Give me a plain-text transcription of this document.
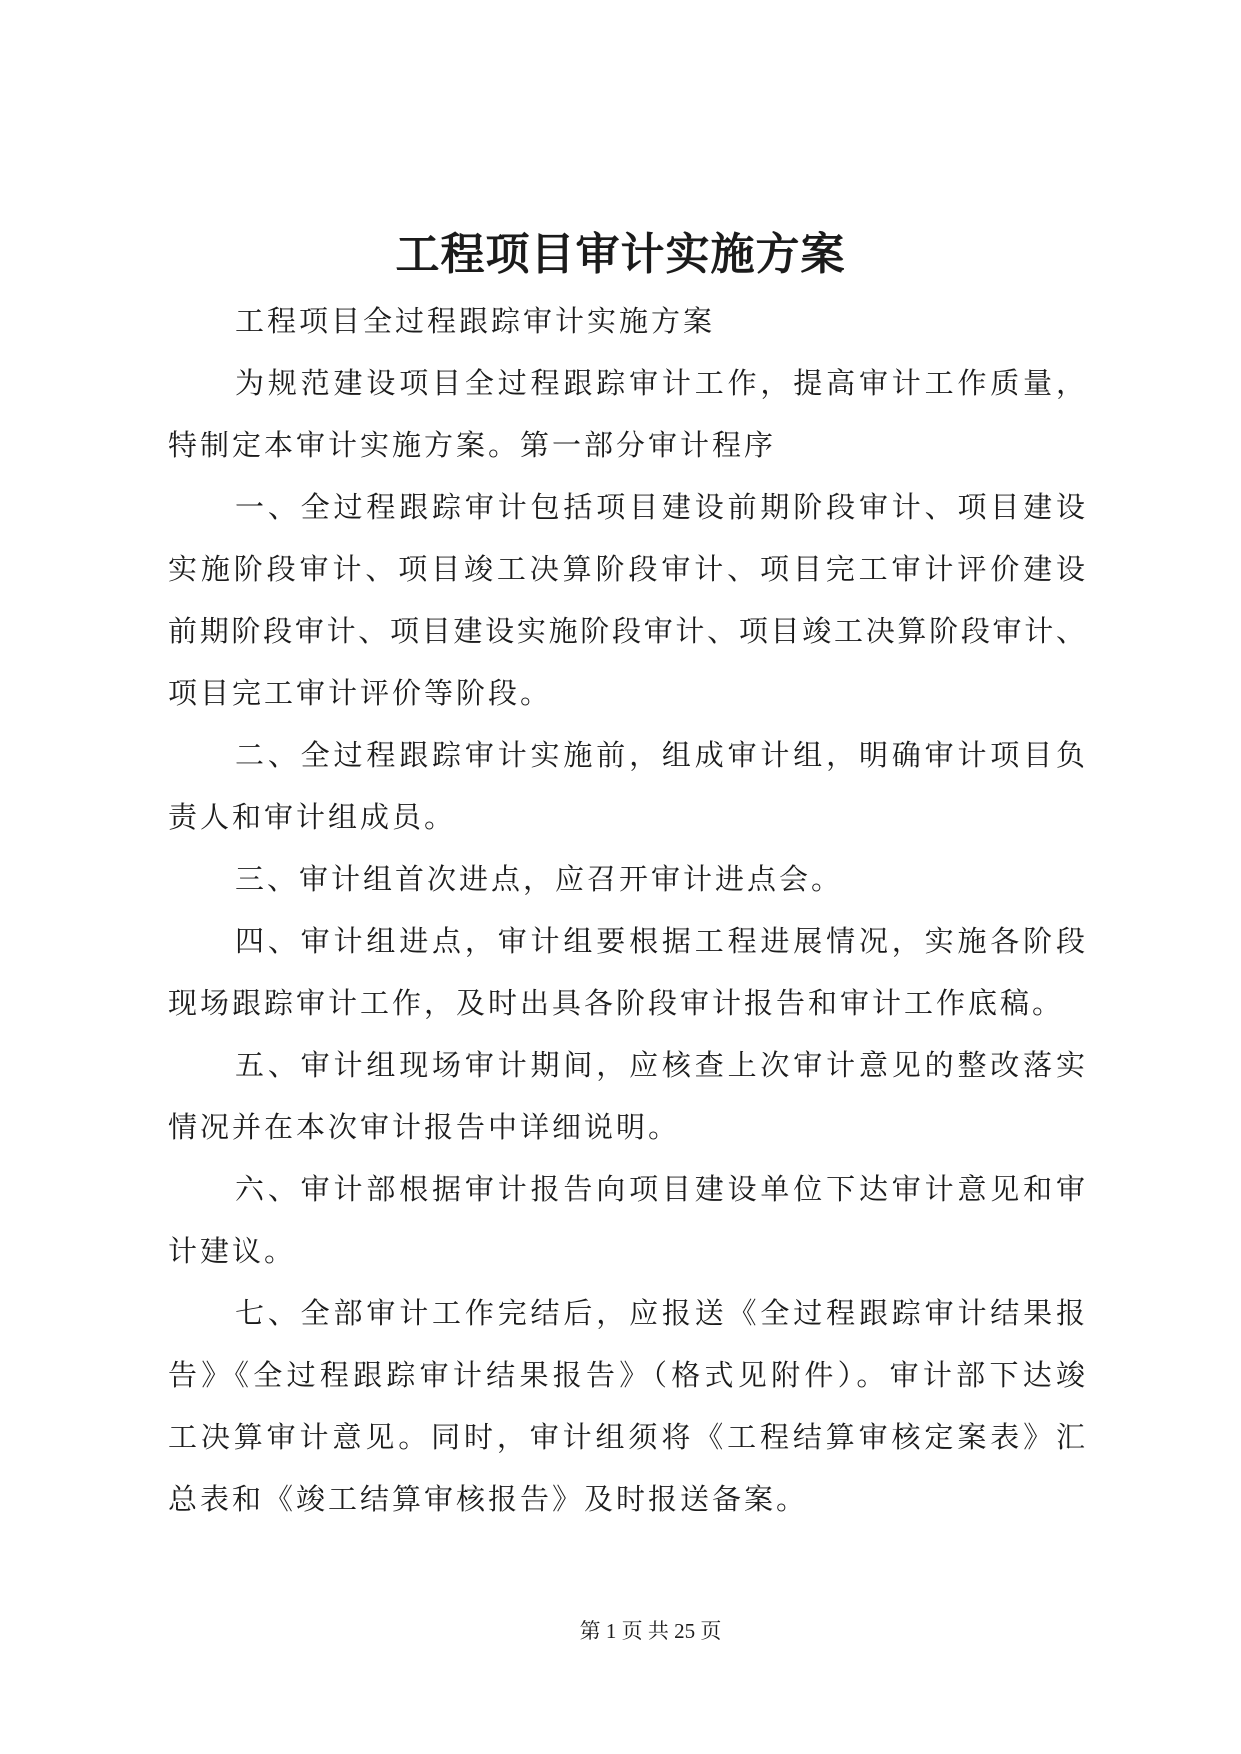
工程项目审计实施方案
工程项目全过程跟踪审计实施方案
为规范建设项目全过程跟踪审计工作，提高审计工作质量，
特制定本审计实施方案。第一部分审计程序
一、全过程跟踪审计包括项目建设前期阶段审计、项目建设
实施阶段审计、项目竣工决算阶段审计、项目完工审计评价建设
前期阶段审计、项目建设实施阶段审计、项目竣工决算阶段审计、
项目完工审计评价等阶段。
二、全过程跟踪审计实施前，组成审计组，明确审计项目负
责人和审计组成员。
三、审计组首次进点，应召开审计进点会。
四、审计组进点，审计组要根据工程进展情况，实施各阶段
现场跟踪审计工作，及时出具各阶段审计报告和审计工作底稿。
五、审计组现场审计期间，应核查上次审计意见的整改落实
情况并在本次审计报告中详细说明。
六、审计部根据审计报告向项目建设单位下达审计意见和审
计建议。
七、全部审计工作完结后，应报送《全过程跟踪审计结果报
告》《全过程跟踪审计结果报告》（格式见附件）。审计部下达竣
工决算审计意见。同时，审计组须将《工程结算审核定案表》汇
总表和《竣工结算审核报告》及时报送备案。
第 1 页 共 25 页
